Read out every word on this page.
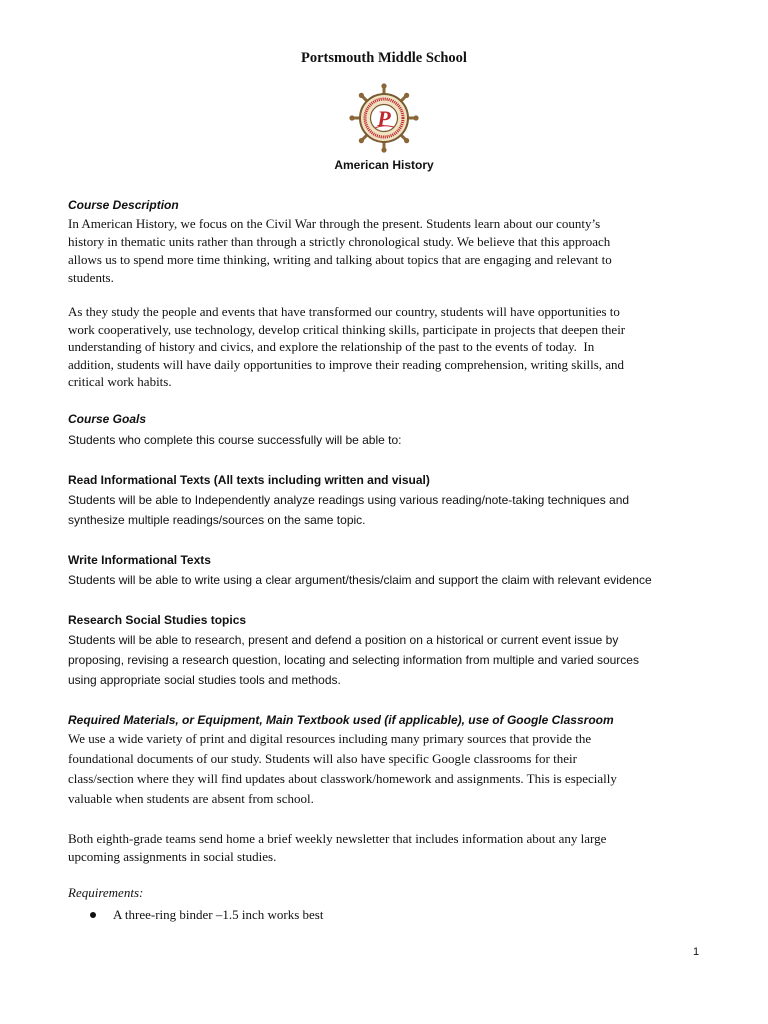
Portsmouth Middle School
P
American History
Course Description
In American History, we focus on the Civil War through the present. Students learn about our county’s
history in thematic units rather than through a strictly chronological study. We believe that this approach
allows us to spend more time thinking, writing and talking about topics that are engaging and relevant to
students.
As they study the people and events that have transformed our country, students will have opportunities to
work cooperatively, use technology, develop critical thinking skills, participate in projects that deepen their
understanding of history and civics, and explore the relationship of the past to the events of today.  In
addition, students will have daily opportunities to improve their reading comprehension, writing skills, and
critical work habits.
Course Goals
Students who complete this course successfully will be able to:
Read Informational Texts (All texts including written and visual)
Students will be able to Independently analyze readings using various reading/note-taking techniques and
synthesize multiple readings/sources on the same topic.
Write Informational Texts
Students will be able to write using a clear argument/thesis/claim and support the claim with relevant evidence
Research Social Studies topics
Students will be able to research, present and defend a position on a historical or current event issue by
proposing, revising a research question, locating and selecting information from multiple and varied sources
using appropriate social studies tools and methods.
Required Materials, or Equipment, Main Textbook used (if applicable), use of Google Classroom
We use a wide variety of print and digital resources including many primary sources that provide the
foundational documents of our study. Students will also have specific Google classrooms for their
class/section where they will find updates about classwork/homework and assignments. This is especially
valuable when students are absent from school.
Both eighth-grade teams send home a brief weekly newsletter that includes information about any large
upcoming assignments in social studies.
Requirements:
A three-ring binder –1.5 inch works best
1
